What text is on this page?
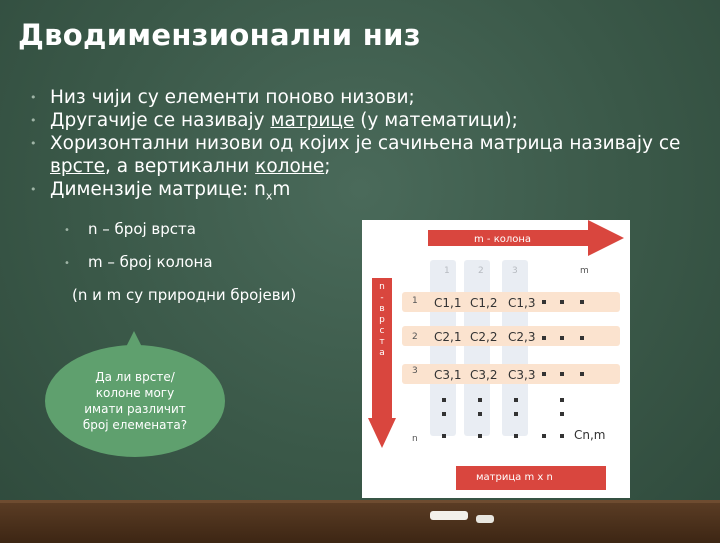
Дводимензионални низ
• Низ чији су елементи поново низови;
• Другачије се називају матрице (у математици);
• Хоризонтални низови од којих је сачињена матрица називају се врсте, а вертикални колоне;
• Димензије матрице: $n_xm$
• n – број врста
• m – број колона
(n и m су природни бројеви)
Да ли врсте/колоне могу имати различит број елемената?
m - колона
m
n
-
в
р
с
т
а
1
2
3
n
C1,1 C1,2 C1,3
C2,1 C2,2 C2,3
C3,1 C3,2 C3,3
Cn,m
матрица m x n
